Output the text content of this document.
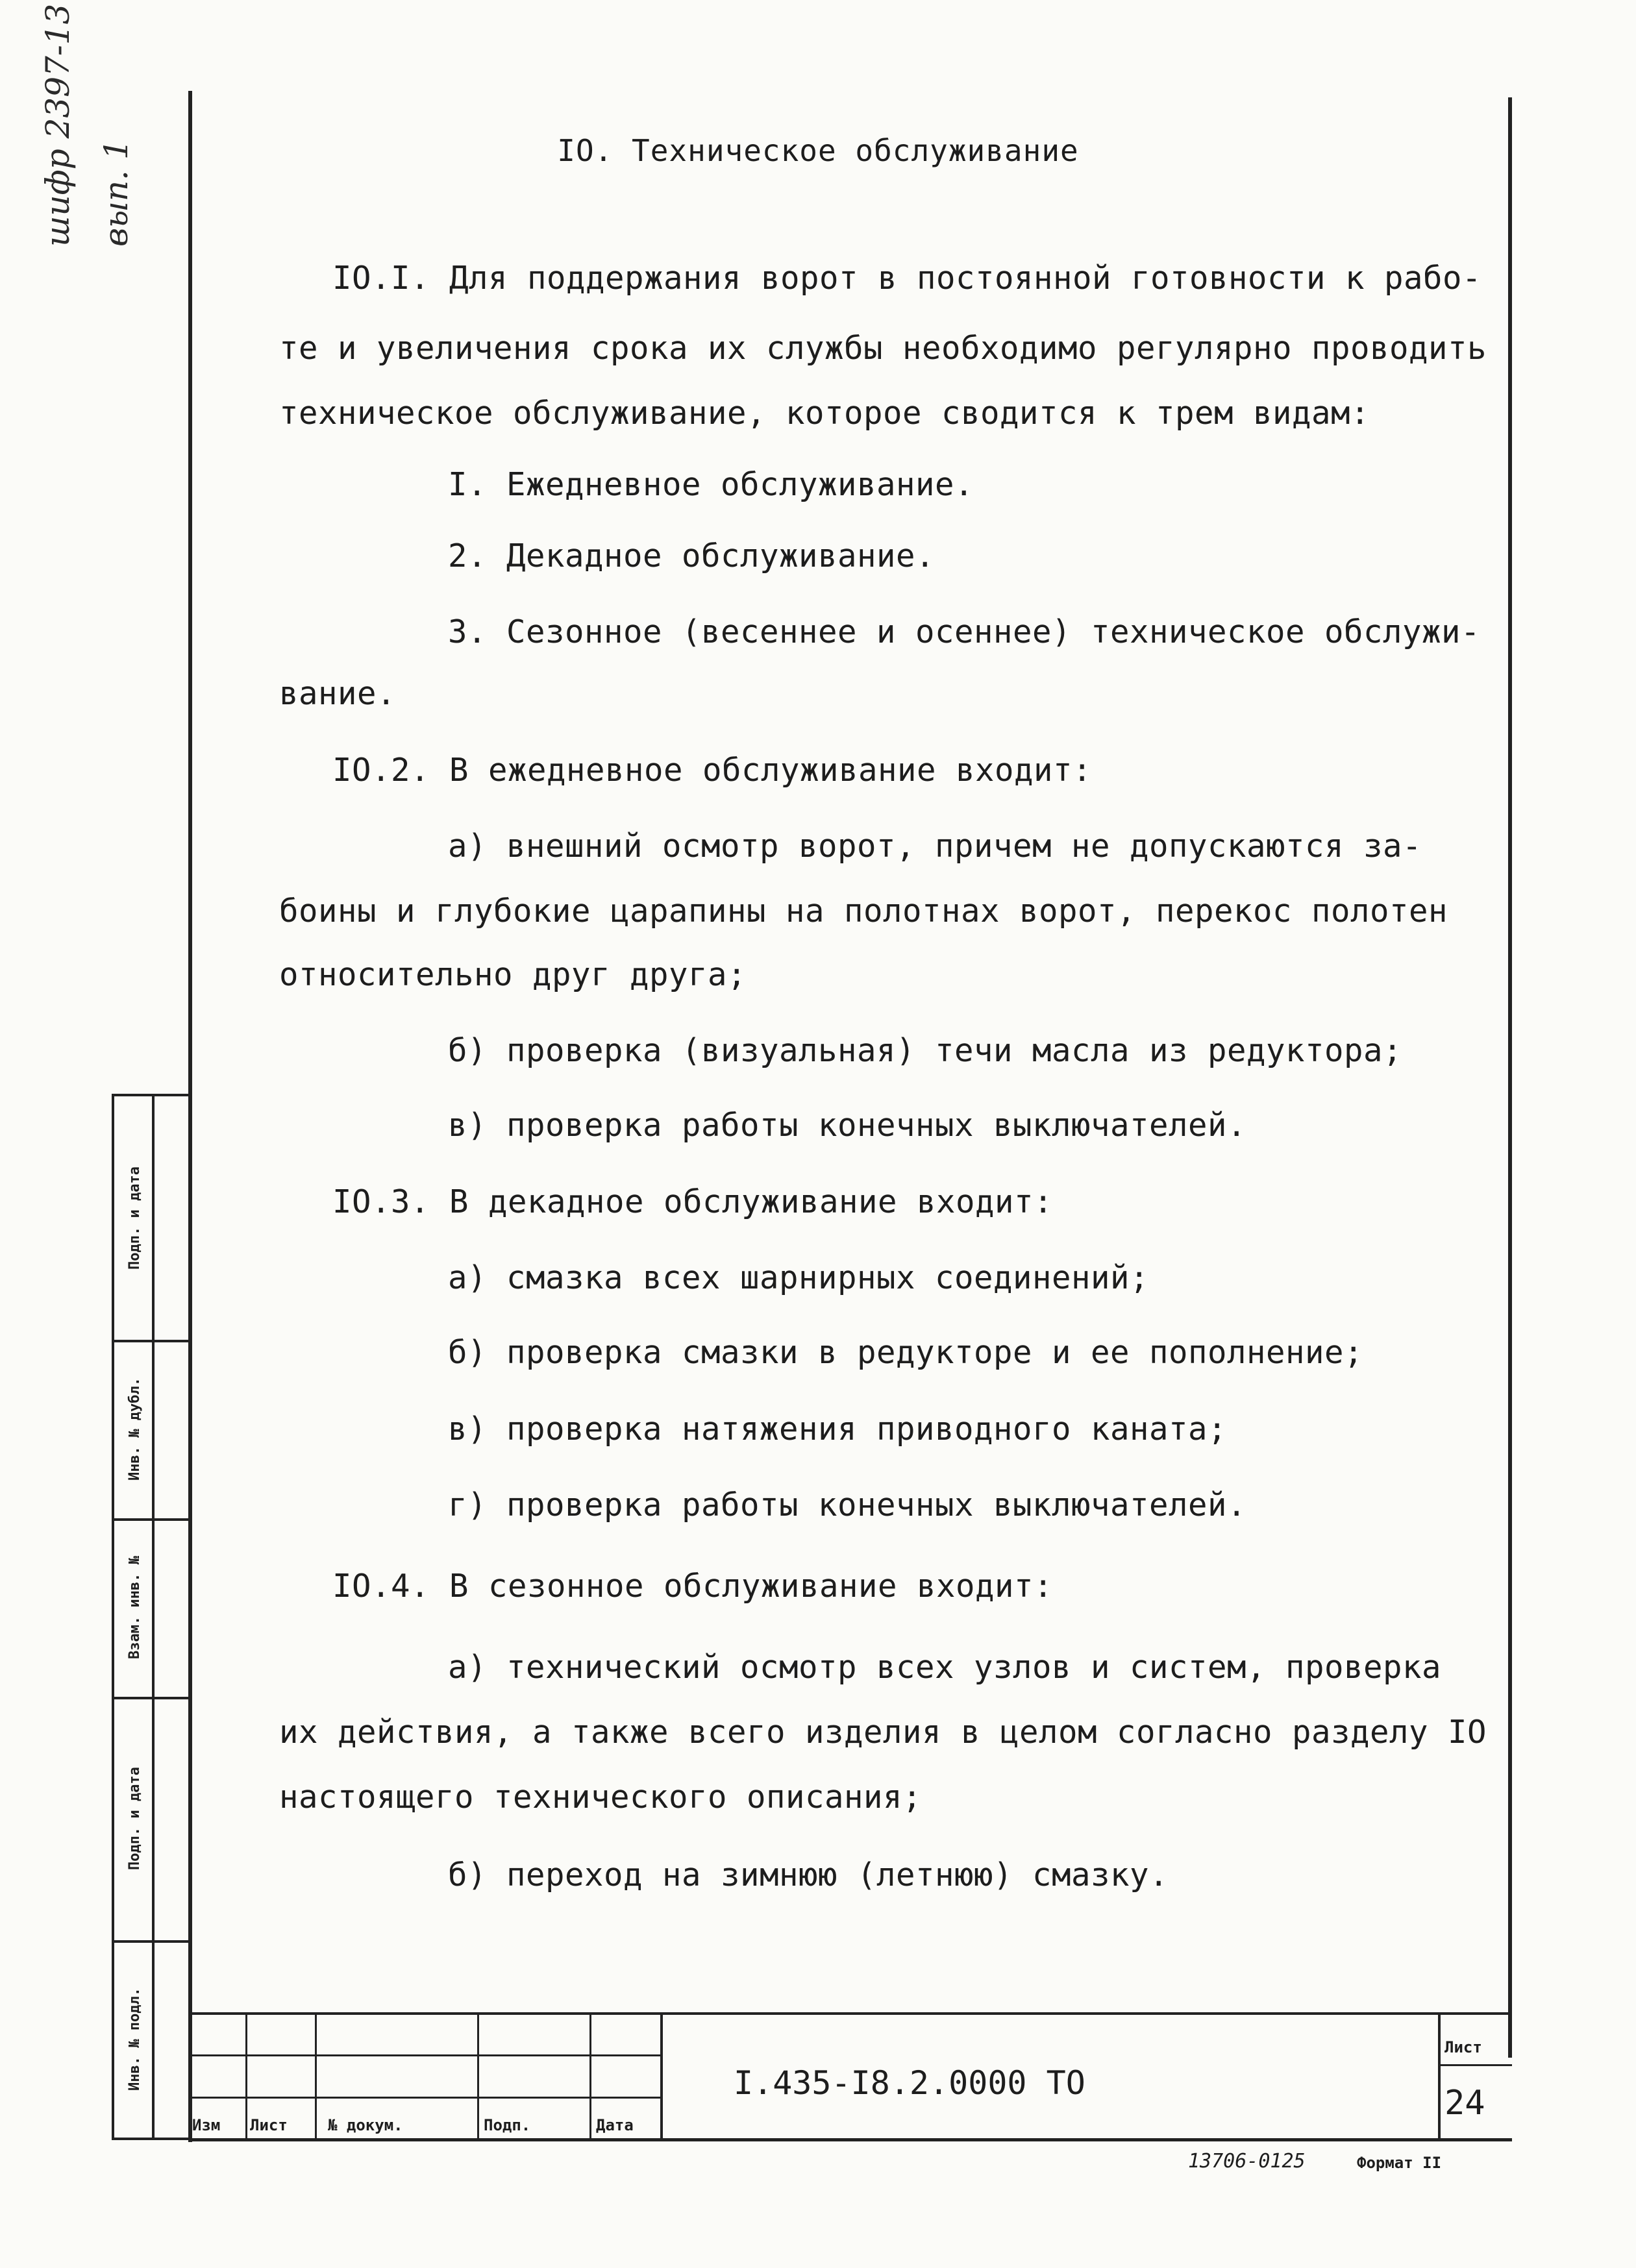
IO. Техническое обслуживание
IO.I. Для поддержания ворот в постоянной готовности к рабо-
те и увеличения срока их службы необходимо регулярно проводить
техническое обслуживание, которое сводится к трем видам:
I. Ежедневное обслуживание.
2. Декадное обслуживание.
3. Сезонное (весеннее и осеннее) техническое обслужи-
вание.
IO.2. В ежедневное обслуживание входит:
а) внешний осмотр ворот, причем не допускаются за-
боины и глубокие царапины на полотнах ворот, перекос полотен
относительно друг друга;
б) проверка (визуальная) течи масла из редуктора;
в) проверка работы конечных выключателей.
IO.3. В декадное обслуживание входит:
а) смазка всех шарнирных соединений;
б) проверка смазки в редукторе и ее пополнение;
в) проверка натяжения приводного каната;
г) проверка работы конечных выключателей.
IO.4. В сезонное обслуживание входит:
а) технический осмотр всех узлов и систем, проверка
их действия, а также всего изделия в целом согласно разделу IO
настоящего технического описания;
б) переход на зимнюю (летнюю) смазку.
шифр 2397-13 вып. 1
Подп. и дата
Инв. № дубл.
Взам. инв. №
Подп. и дата
Инв. № подл.
Изм Лист	№ докум.	Подп.	Дата
I.435-I8.2.0000 ТО
Лист
24
13706-0125	Формат II
